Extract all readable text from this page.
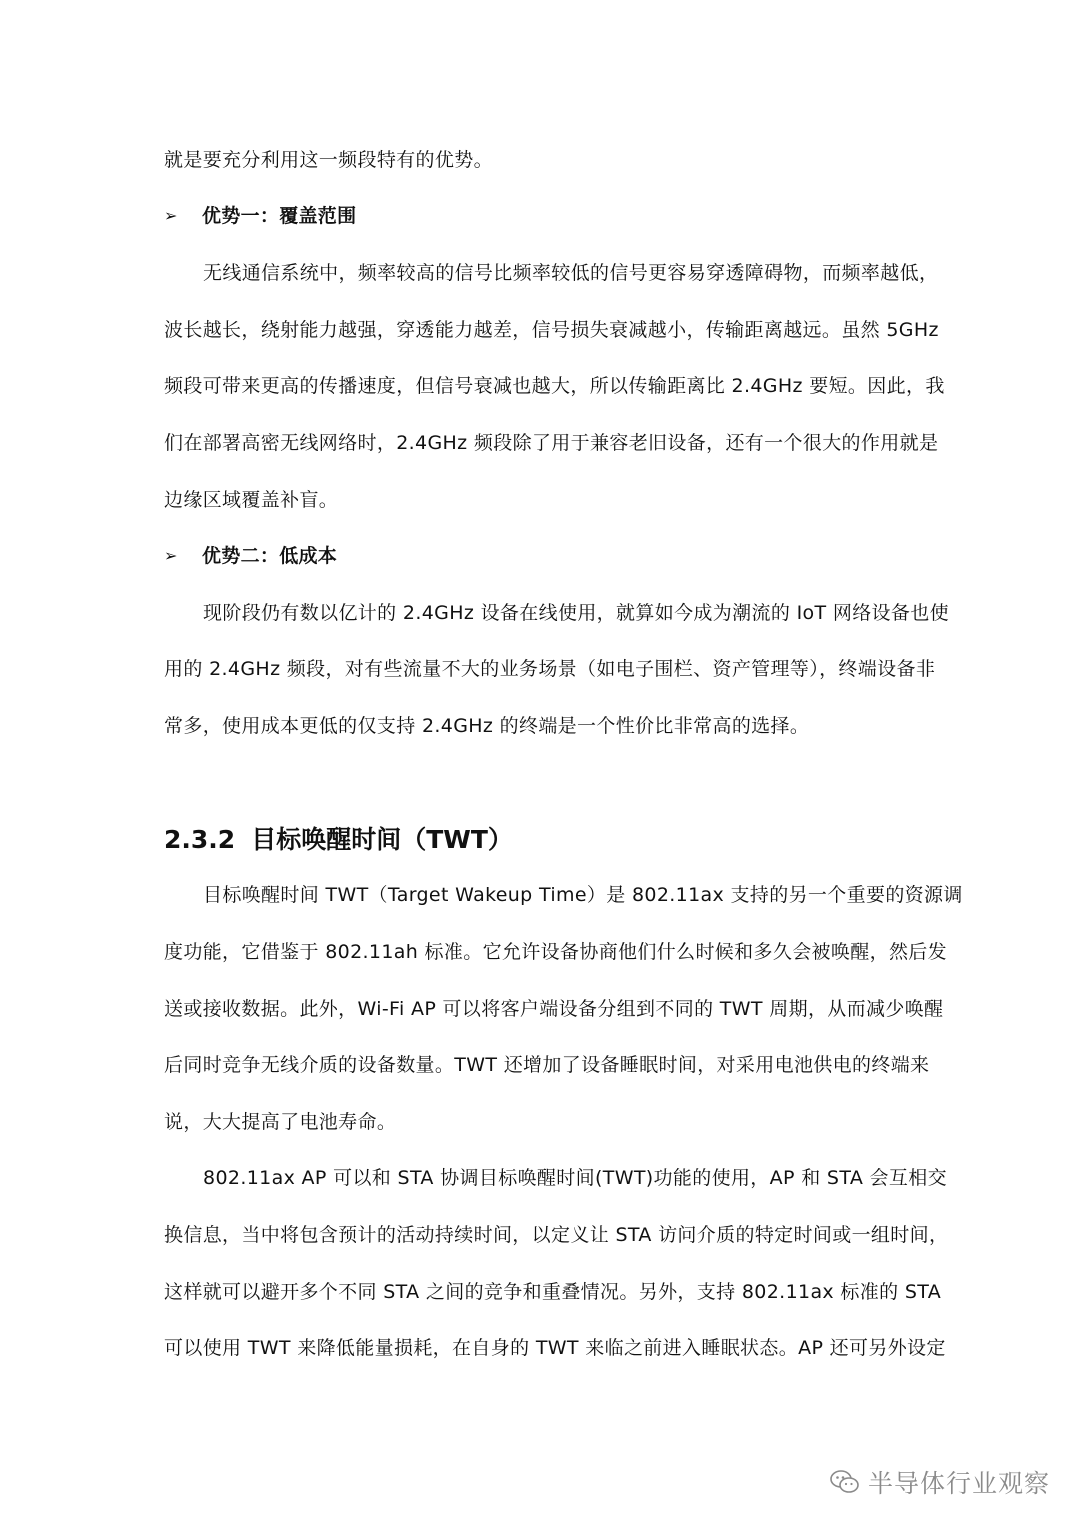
就是要充分利用这一频段特有的优势。
➢ 优势一：覆盖范围
无线通信系统中，频率较高的信号比频率较低的信号更容易穿透障碍物，而频率越低，
波长越长，绕射能力越强，穿透能力越差，信号损失衰减越小，传输距离越远。虽然 5GHz
频段可带来更高的传播速度，但信号衰减也越大，所以传输距离比 2.4GHz 要短。因此，我
们在部署高密无线网络时，2.4GHz 频段除了用于兼容老旧设备，还有一个很大的作用就是
边缘区域覆盖补盲。
➢ 优势二：低成本
现阶段仍有数以亿计的 2.4GHz 设备在线使用，就算如今成为潮流的 IoT 网络设备也使
用的 2.4GHz 频段，对有些流量不大的业务场景（如电子围栏、资产管理等），终端设备非
常多，使用成本更低的仅支持 2.4GHz 的终端是一个性价比非常高的选择。
2.3.2 目标唤醒时间（TWT）
目标唤醒时间 TWT（Target Wakeup Time）是 802.11ax 支持的另一个重要的资源调
度功能，它借鉴于 802.11ah 标准。它允许设备协商他们什么时候和多久会被唤醒，然后发
送或接收数据。此外，Wi-Fi AP 可以将客户端设备分组到不同的 TWT 周期，从而减少唤醒
后同时竞争无线介质的设备数量。TWT 还增加了设备睡眠时间，对采用电池供电的终端来
说，大大提高了电池寿命。
802.11ax AP 可以和 STA 协调目标唤醒时间(TWT)功能的使用，AP 和 STA 会互相交
换信息，当中将包含预计的活动持续时间，以定义让 STA 访问介质的特定时间或一组时间，
这样就可以避开多个不同 STA 之间的竞争和重叠情况。另外，支持 802.11ax 标准的 STA
可以使用 TWT 来降低能量损耗，在自身的 TWT 来临之前进入睡眠状态。AP 还可另外设定
半导体行业观察
